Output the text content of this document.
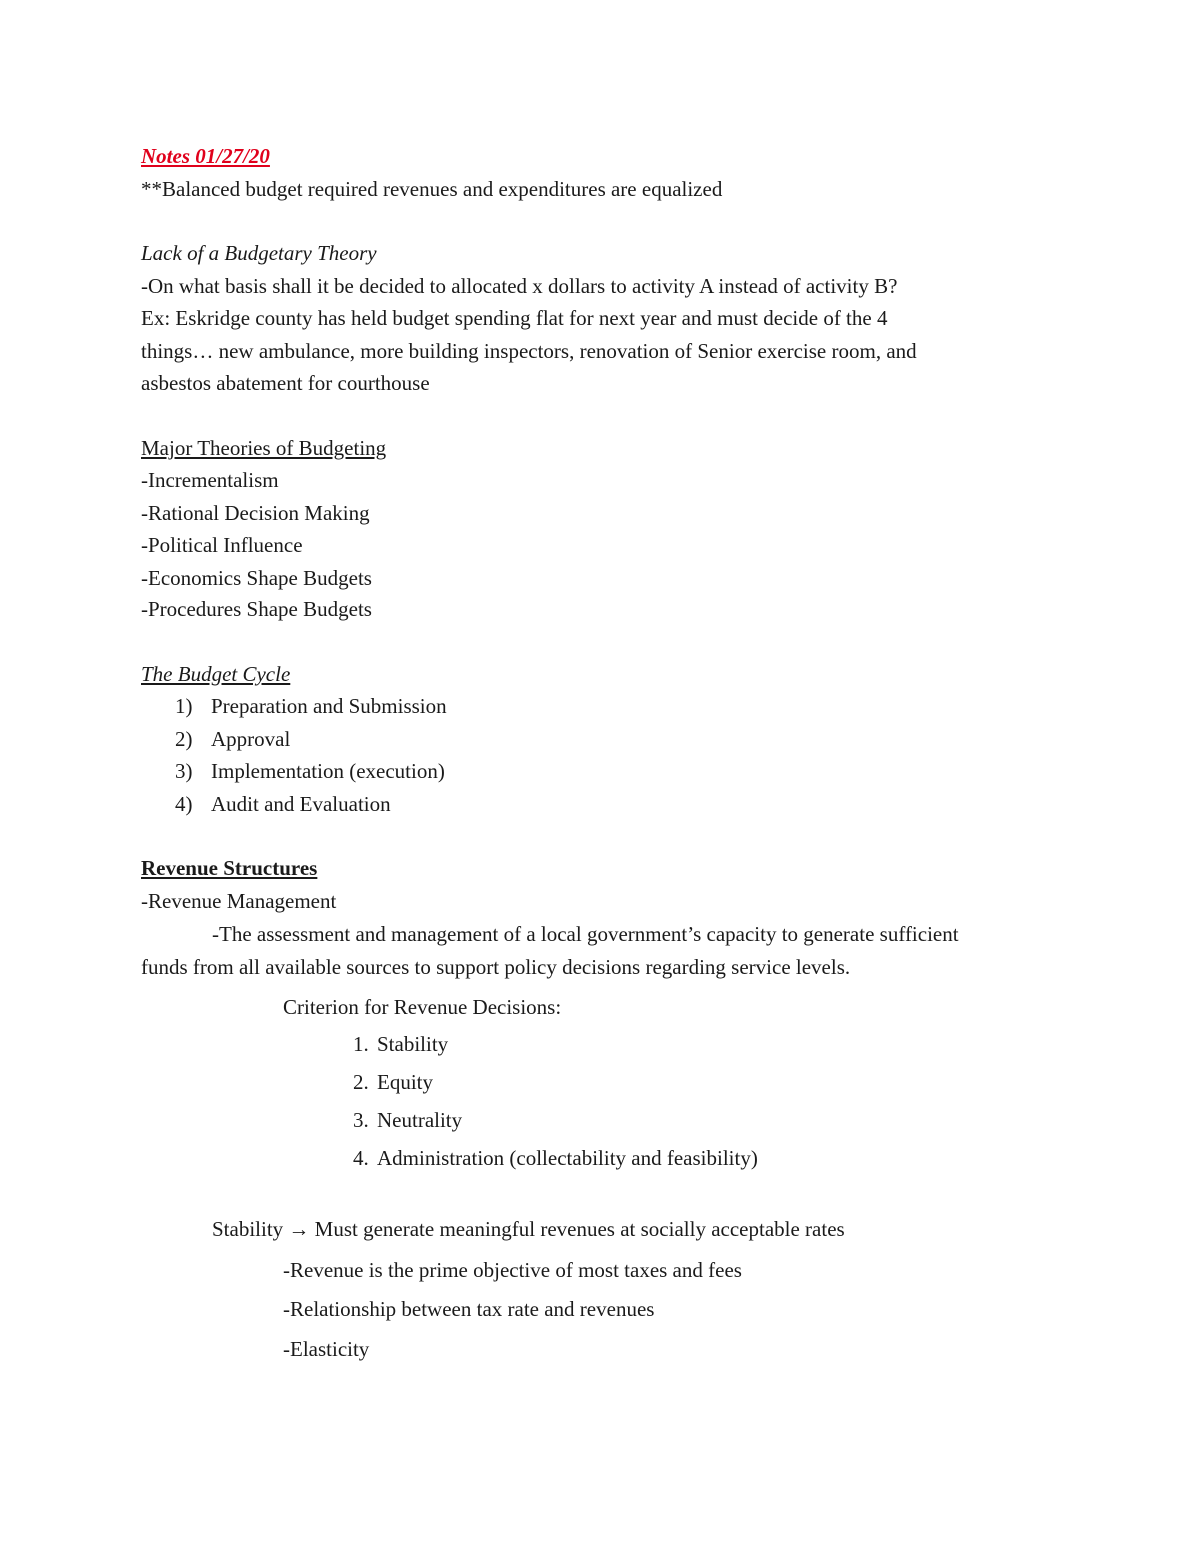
Notes 01/27/20
**Balanced budget required revenues and expenditures are equalized
Lack of a Budgetary Theory
-On what basis shall it be decided to allocated x dollars to activity A instead of activity B?
Ex: Eskridge county has held budget spending flat for next year and must decide of the 4
things… new ambulance, more building inspectors, renovation of Senior exercise room, and
asbestos abatement for courthouse
Major Theories of Budgeting
-Incrementalism
-Rational Decision Making
-Political Influence
-Economics Shape Budgets
-Procedures Shape Budgets
The Budget Cycle
1) Preparation and Submission
2) Approval
3) Implementation (execution)
4) Audit and Evaluation
Revenue Structures
-Revenue Management
-The assessment and management of a local government’s capacity to generate sufficient
funds from all available sources to support policy decisions regarding service levels.
Criterion for Revenue Decisions:
1. Stability
2. Equity
3. Neutrality
4. Administration (collectability and feasibility)
Stability → Must generate meaningful revenues at socially acceptable rates
-Revenue is the prime objective of most taxes and fees
-Relationship between tax rate and revenues
-Elasticity
